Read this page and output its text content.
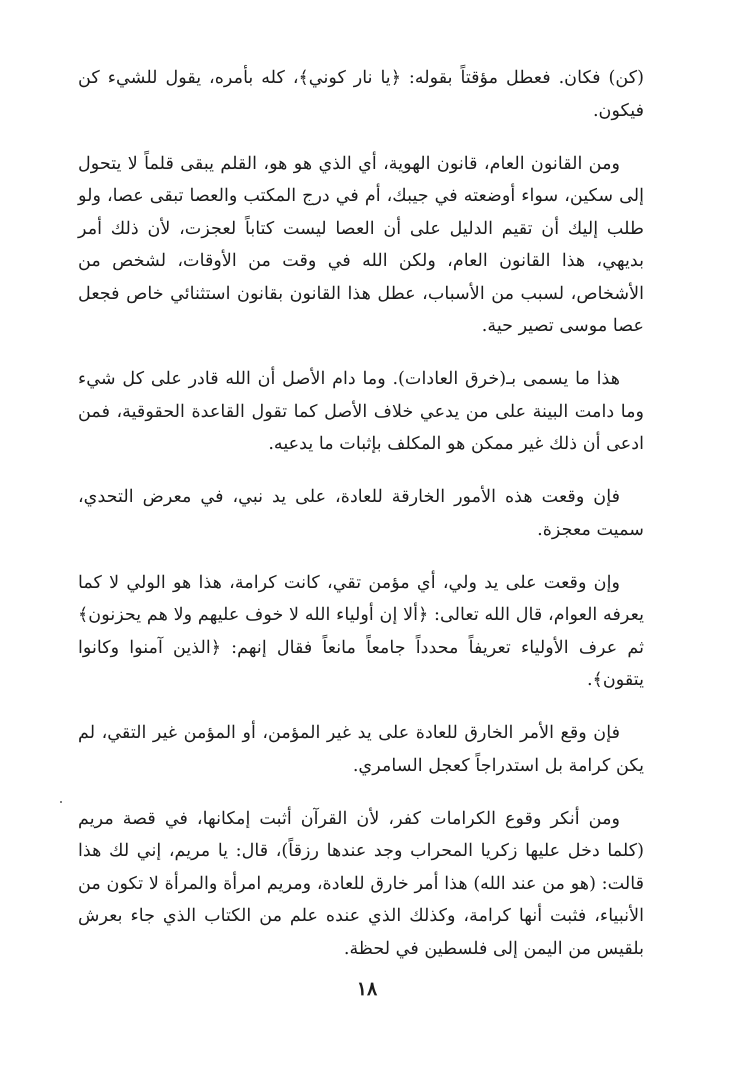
(كن) فكان. فعطل مؤقتاً بقوله: ﴿يا نار كوني﴾، كله بأمره، يقول للشيء كن فيكون.

ومن القانون العام، قانون الهوية، أي الذي هو هو، القلم يبقى قلماً لا يتحول إلى سكين، سواء أوضعته في جيبك، أم في درج المكتب والعصا تبقى عصا، ولو طلب إليك أن تقيم الدليل على أن العصا ليست كتاباً لعجزت، لأن ذلك أمر بديهي، هذا القانون العام، ولكن الله في وقت من الأوقات، لشخص من الأشخاص، لسبب من الأسباب، عطل هذا القانون بقانون استثنائي خاص فجعل عصا موسى تصير حية.

هذا ما يسمى بـ(خرق العادات). وما دام الأصل أن الله قادر على كل شيء وما دامت البينة على من يدعي خلاف الأصل كما تقول القاعدة الحقوقية، فمن ادعى أن ذلك غير ممكن هو المكلف بإثبات ما يدعيه.

فإن وقعت هذه الأمور الخارقة للعادة، على يد نبي، في معرض التحدي، سميت معجزة.

وإن وقعت على يد ولي، أي مؤمن تقي، كانت كرامة، هذا هو الولي لا كما يعرفه العوام، قال الله تعالى: ﴿ألا إن أولياء الله لا خوف عليهم ولا هم يحزنون﴾ ثم عرف الأولياء تعريفاً محدداً جامعاً مانعاً فقال إنهم: ﴿الذين آمنوا وكانوا يتقون﴾.

فإن وقع الأمر الخارق للعادة على يد غير المؤمن، أو المؤمن غير التقي، لم يكن كرامة بل استدراجاً كعجل السامري.

ومن أنكر وقوع الكرامات كفر، لأن القرآن أثبت إمكانها، في قصة مريم (كلما دخل عليها زكريا المحراب وجد عندها رزقاً)، قال: يا مريم، إني لك هذا قالت: (هو من عند الله) هذا أمر خارق للعادة، ومريم امرأة والمرأة لا تكون من الأنبياء، فثبت أنها كرامة، وكذلك الذي عنده علم من الكتاب الذي جاء بعرش بلقيس من اليمن إلى فلسطين في لحظة.

١٨
